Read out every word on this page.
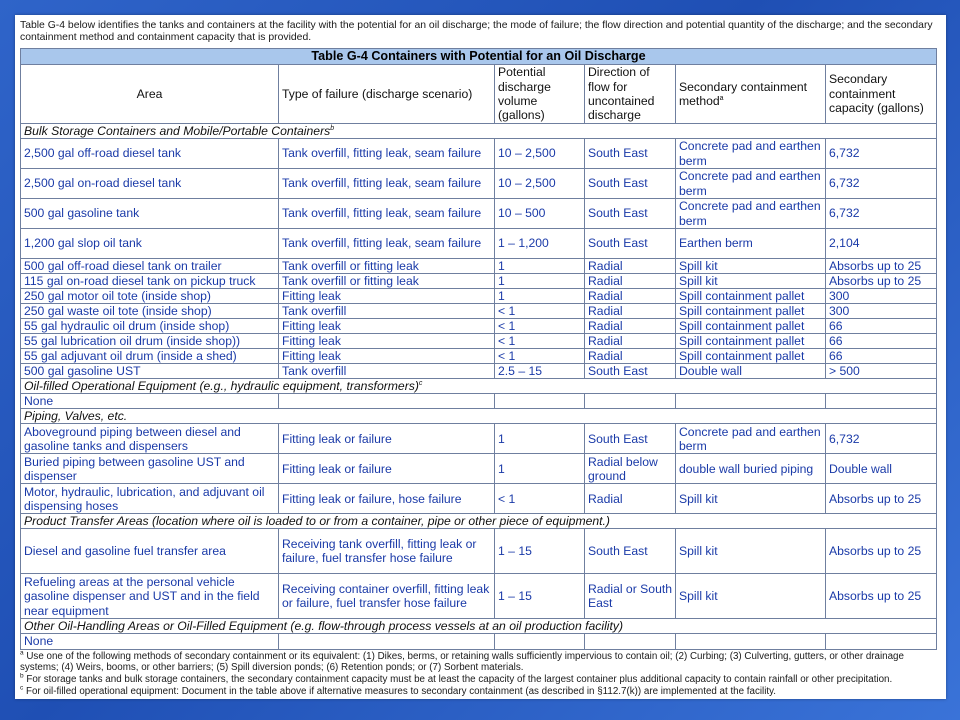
Table G-4 below identifies the tanks and containers at the facility with the potential for an oil discharge; the mode of failure; the flow direction and potential quantity of the discharge; and the secondary containment method and containment capacity that is provided.
Table G-4 Containers with Potential for an Oil Discharge					
Area	Type of failure (discharge scenario)	Potential discharge volume (gallons)	Direction of flow for uncontained discharge	Secondary containment method$^a$	Secondary containment capacity (gallons)
Bulk Storage Containers and Mobile/Portable Containers$^b$
2,500 gal off-road diesel tank	Tank overfill, fitting leak, seam failure	10 – 2,500	South East	Concrete pad and earthen berm	6,732
2,500 gal on-road diesel tank	Tank overfill, fitting leak, seam failure	10 – 2,500	South East	Concrete pad and earthen berm	6,732
500 gal gasoline tank	Tank overfill, fitting leak, seam failure	10 – 500	South East	Concrete pad and earthen berm	6,732
1,200 gal slop oil tank	Tank overfill, fitting leak, seam failure	1 – 1,200	South East	Earthen berm	2,104
500 gal off-road diesel tank on trailer	Tank overfill or fitting leak	1	Radial	Spill kit	Absorbs up to 25
115 gal on-road diesel tank on pickup truck	Tank overfill or fitting leak	1	Radial	Spill kit	Absorbs up to 25
250 gal motor oil tote (inside shop)	Fitting leak	1	Radial	Spill containment pallet	300
250 gal waste oil tote (inside shop)	Tank overfill	< 1	Radial	Spill containment pallet	300
55 gal hydraulic oil drum (inside shop)	Fitting leak	< 1	Radial	Spill containment pallet	66
55 gal lubrication oil drum (inside shop))	Fitting leak	< 1	Radial	Spill containment pallet	66
55 gal adjuvant oil drum (inside a shed)	Fitting leak	< 1	Radial	Spill containment pallet	66
500 gal gasoline UST	Tank overfill	2.5 – 15	South East	Double wall	> 500
Oil-filled Operational Equipment (e.g., hydraulic equipment, transformers)$^c$
None					
Piping, Valves, etc.					
Aboveground piping between diesel and gasoline tanks and dispensers	Fitting leak or failure	1	South East	Concrete pad and earthen berm	6,732
Buried piping between gasoline UST and dispenser	Fitting leak or failure	1	Radial below ground	double wall buried piping	Double wall
Motor, hydraulic, lubrication, and adjuvant oil dispensing hoses	Fitting leak or failure, hose failure	< 1	Radial	Spill kit	Absorbs up to 25
Product Transfer Areas (location where oil is loaded to or from a container, pipe or other piece of equipment.)					
Diesel and gasoline fuel transfer area	Receiving tank overfill, fitting leak or failure, fuel transfer hose failure	1 – 15	South East	Spill kit	Absorbs up to 25
Refueling areas at the personal vehicle gasoline dispenser and UST and in the field near equipment	Receiving container overfill, fitting leak or failure, fuel transfer hose failure	1 – 15	Radial or South East	Spill kit	Absorbs up to 25
Other Oil-Handling Areas or Oil-Filled Equipment (e.g. flow-through process vessels at an oil production facility)					
None					
$^a$ Use one of the following methods of secondary containment or its equivalent: (1) Dikes, berms, or retaining walls sufficiently impervious to contain oil; (2) Curbing; (3) Culverting, gutters, or other drainage systems; (4) Weirs, booms, or other barriers; (5) Spill diversion ponds; (6) Retention ponds; or (7) Sorbent materials.
$^b$ For storage tanks and bulk storage containers, the secondary containment capacity must be at least the capacity of the largest container plus additional capacity to contain rainfall or other precipitation.
$^c$ For oil-filled operational equipment: Document in the table above if alternative measures to secondary containment (as described in §112.7(k)) are implemented at the facility.
